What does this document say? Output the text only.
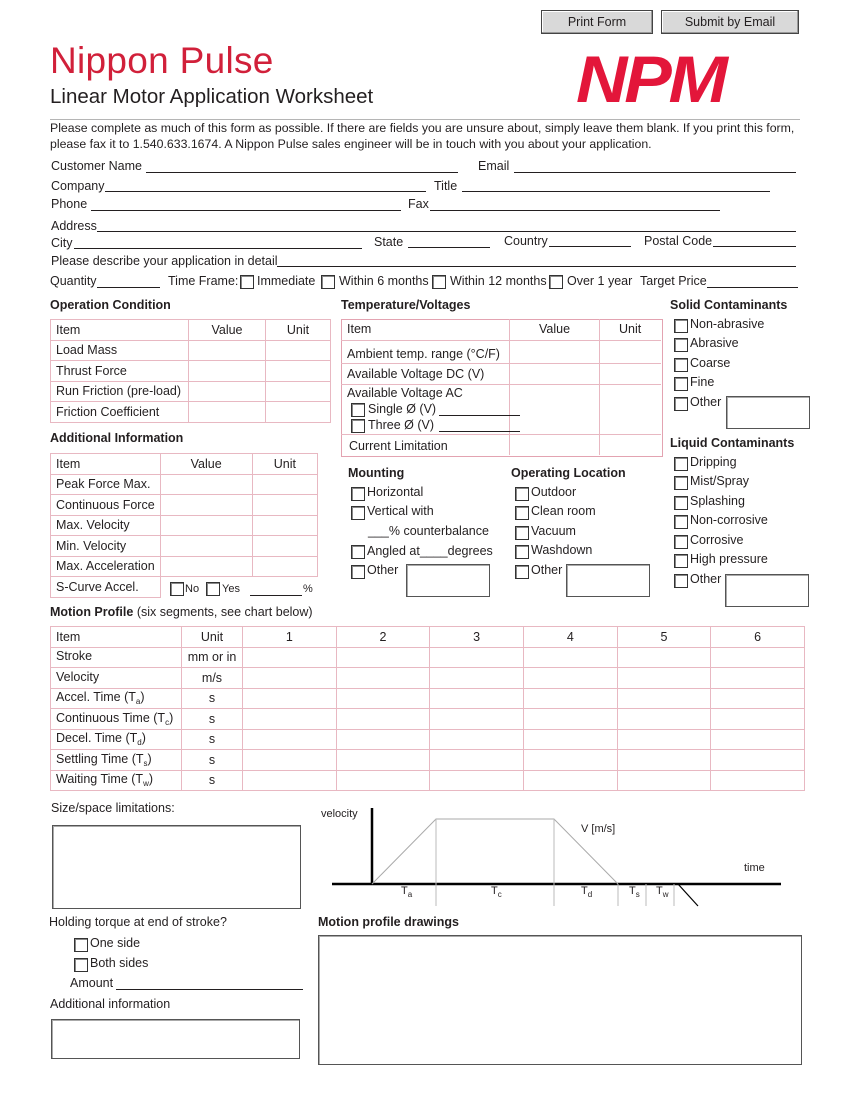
Print Form	Submit by Email
Nippon Pulse
Linear Motor Application Worksheet	NPM
Please complete as much of this form as possible. If there are fields you are unsure about, simply leave them blank. If you print this form, please fax it to 1.540.633.1674. A Nippon Pulse sales engineer will be in touch with you about your application.
Customer Name	Email
Company	Title
Phone	Fax
Address
City	State	Country	Postal Code
Please describe your application in detail
Quantity	Time Frame: Immediate Within 6 months Within 12 months Over 1 year Target Price
Operation Condition
Item	Value	Unit
Load Mass		
Thrust Force		
Run Friction (pre-load)		
Friction Coefficient		
Additional Information
Item	Value	Unit
Peak Force Max.		
Continuous Force		
Max. Velocity		
Min. Velocity		
Max. Acceleration		
S-Curve Accel.			No Yes	%
Temperature/Voltages
Item	Value	Unit
Ambient temp. range (°C/F)
Available Voltage DC (V)
Available Voltage AC
Single Ø (V)
Three Ø (V)
Current Limitation
Mounting
Horizontal
Vertical with
___% counterbalance
Angled at____degrees
Other
Operating Location
Outdoor
Clean room
Vacuum
Washdown
Other
Solid Contaminants
Non-abrasive
Abrasive
Coarse
Fine
Other
Liquid Contaminants
Dripping
Mist/Spray
Splashing
Non-corrosive
Corrosive
High pressure
Other
Motion Profile (six segments, see chart below)
Item	Unit	1	2	3	4	5	6
Stroke	mm or in						
Velocity	m/s						
Accel. Time $(T_a)$	s						
Continuous Time $(T_c)$	s						
Decel. Time $(T_d)$	s						
Settling Time $(T_s)$	s						
Waiting Time $(T_w)$	s						
Size/space limitations:	velocity
V [m/s]
time
$T_a$	$T_c$	$T_d$	$T_s$ $T_w$
Holding torque at end of stroke?
One side
Both sides
Amount
Additional information
Motion profile drawings
